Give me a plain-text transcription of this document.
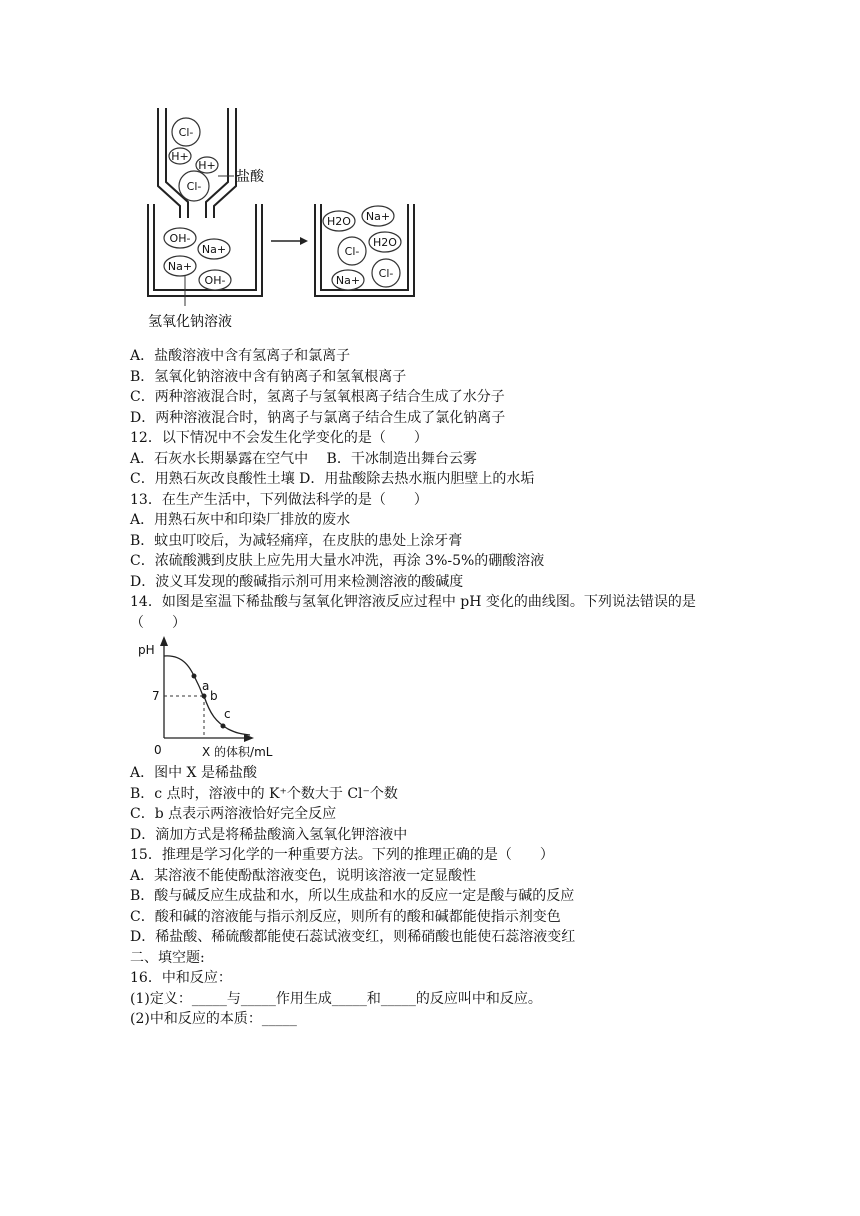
Cl-
H+
H+
Cl-
OH-
Na+
Na+
OH-
H2O Na+
Cl-
H2O
Na+
Cl-
盐酸
氢氧化钠溶液
A．盐酸溶液中含有氢离子和氯离子
B．氢氧化钠溶液中含有钠离子和氢氧根离子
C．两种溶液混合时，氢离子与氢氧根离子结合生成了水分子
D．两种溶液混合时，钠离子与氯离子结合生成了氯化钠离子
12．以下情况中不会发生化学变化的是（　　）
A．石灰水长期暴露在空气中　 B．干冰制造出舞台云雾
C．用熟石灰改良酸性土壤 D．用盐酸除去热水瓶内胆壁上的水垢
13．在生产生活中，下列做法科学的是（　　）
A．用熟石灰中和印染厂排放的废水
B．蚊虫叮咬后，为减轻痛痒，在皮肤的患处上涂牙膏
C．浓硫酸溅到皮肤上应先用大量水冲洗，再涂 3%-5%的硼酸溶液
D．波义耳发现的酸碱指示剂可用来检测溶液的酸碱度
14．如图是室温下稀盐酸与氢氧化钾溶液反应过程中 pH 变化的曲线图。下列说法错误的是
（　　）
pH
7
0
a
b
c
X 的体积/mL
A．图中 X 是稀盐酸
B．c 点时，溶液中的 K⁺个数大于 Cl⁻个数
C．b 点表示两溶液恰好完全反应
D．滴加方式是将稀盐酸滴入氢氧化钾溶液中
15．推理是学习化学的一种重要方法。下列的推理正确的是（　　）
A．某溶液不能使酚酞溶液变色，说明该溶液一定显酸性
B．酸与碱反应生成盐和水，所以生成盐和水的反应一定是酸与碱的反应
C．酸和碱的溶液能与指示剂反应，则所有的酸和碱都能使指示剂变色
D．稀盐酸、稀硫酸都能使石蕊试液变红，则稀硝酸也能使石蕊溶液变红
二、填空题:
16．中和反应：
(1)定义：_____与_____作用生成_____和_____的反应叫中和反应。
(2)中和反应的本质：_____
